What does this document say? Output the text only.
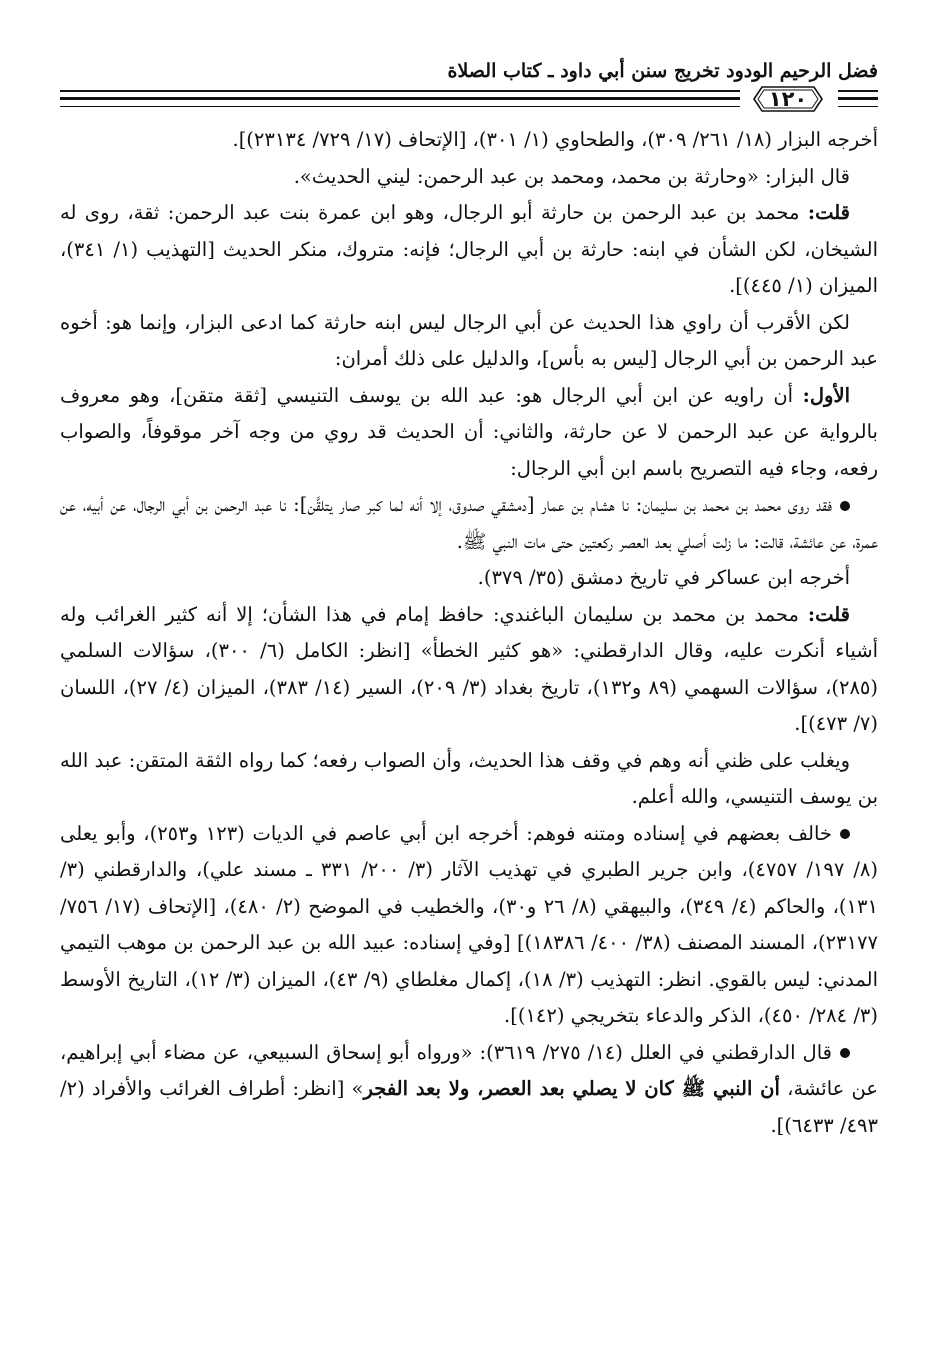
فضل الرحيم الودود تخريج سنن أبي داود ـ كتاب الصلاة
١٢٠

أخرجه البزار (١٨/ ٢٦١/ ٣٠٩)، والطحاوي (١/ ٣٠١)، [الإتحاف (١٧/ ٧٢٩/ ٢٣١٣٤)].

قال البزار: «وحارثة بن محمد، ومحمد بن عبد الرحمن: ليني الحديث».

قلت: محمد بن عبد الرحمن بن حارثة أبو الرجال، وهو ابن عمرة بنت عبد الرحمن: ثقة، روى له الشيخان، لكن الشأن في ابنه: حارثة بن أبي الرجال؛ فإنه: متروك، منكر الحديث [التهذيب (١/ ٣٤١)، الميزان (١/ ٤٤٥)].

لكن الأقرب أن راوي هذا الحديث عن أبي الرجال ليس ابنه حارثة كما ادعى البزار، وإنما هو: أخوه عبد الرحمن بن أبي الرجال [ليس به بأس]، والدليل على ذلك أمران:

الأول: أن راويه عن ابن أبي الرجال هو: عبد الله بن يوسف التنيسي [ثقة متقن]، وهو معروف بالرواية عن عبد الرحمن لا عن حارثة، والثاني: أن الحديث قد روي من وجه آخر موقوفاً، والصواب رفعه، وجاء فيه التصريح باسم ابن أبي الرجال:

فقد روى محمد بن محمد بن سليمان: نا هشام بن عمار [دمشقي صدوق، إلا أنه لما كبر صار يتلقَّن]: نا عبد الرحمن بن أبي الرجال، عن أبيه، عن عمرة، عن عائشة، قالت: ما زلت أصلي بعد العصر ركعتين حتى مات النبي ﷺ.

أخرجه ابن عساكر في تاريخ دمشق (٣٥/ ٣٧٩).

قلت: محمد بن محمد بن سليمان الباغندي: حافظ إمام في هذا الشأن؛ إلا أنه كثير الغرائب وله أشياء أنكرت عليه، وقال الدارقطني: «هو كثير الخطأ» [انظر: الكامل (٦/ ٣٠٠)، سؤالات السلمي (٢٨٥)، سؤالات السهمي (٨٩ و١٣٢)، تاريخ بغداد (٣/ ٢٠٩)، السير (١٤/ ٣٨٣)، الميزان (٤/ ٢٧)، اللسان (٧/ ٤٧٣)].

ويغلب على ظني أنه وهم في وقف هذا الحديث، وأن الصواب رفعه؛ كما رواه الثقة المتقن: عبد الله بن يوسف التنيسي، والله أعلم.

خالف بعضهم في إسناده ومتنه فوهم: أخرجه ابن أبي عاصم في الديات (١٢٣ و٢٥٣)، وأبو يعلى (٨/ ١٩٧/ ٤٧٥٧)، وابن جرير الطبري في تهذيب الآثار (٣/ ٢٠٠/ ٣٣١ ـ مسند علي)، والدارقطني (٣/ ١٣١)، والحاكم (٤/ ٣٤٩)، والبيهقي (٨/ ٢٦ و٣٠)، والخطيب في الموضح (٢/ ٤٨٠)، [الإتحاف (١٧/ ٧٥٦/ ٢٣١٧٧)، المسند المصنف (٣٨/ ٤٠٠/ ١٨٣٨٦)] [وفي إسناده: عبيد الله بن عبد الرحمن بن موهب التيمي المدني: ليس بالقوي. انظر: التهذيب (٣/ ١٨)، إكمال مغلطاي (٩/ ٤٣)، الميزان (٣/ ١٢)، التاريخ الأوسط (٣/ ٢٨٤/ ٤٥٠)، الذكر والدعاء بتخريجي (١٤٢)].

قال الدارقطني في العلل (١٤/ ٢٧٥/ ٣٦١٩): «ورواه أبو إسحاق السبيعي، عن مضاء أبي إبراهيم، عن عائشة، أن النبي ﷺ كان لا يصلي بعد العصر، ولا بعد الفجر» [انظر: أطراف الغرائب والأفراد (٢/ ٤٩٣/ ٦٤٣٣)].
